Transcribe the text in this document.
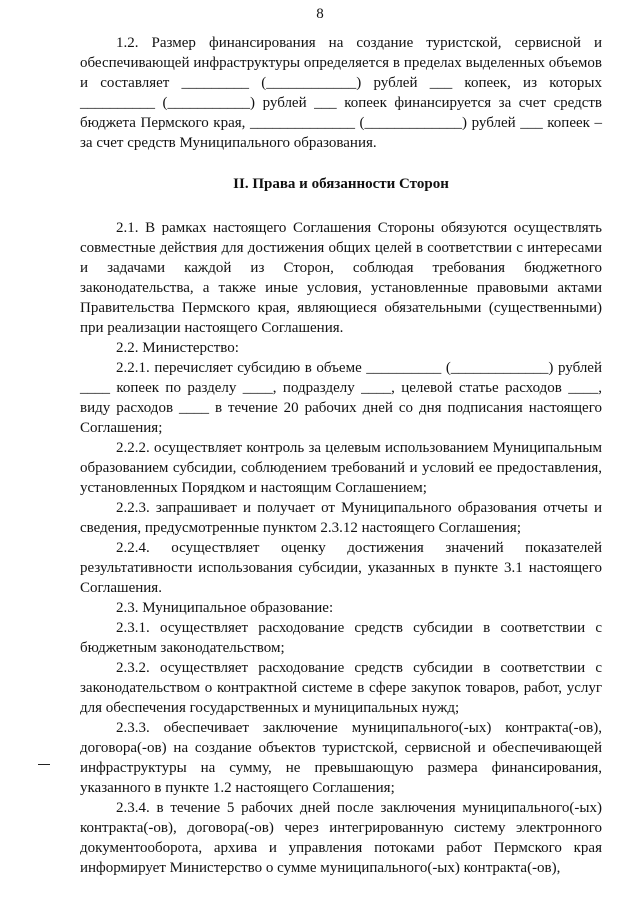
8

1.2. Размер финансирования на создание туристской, сервисной и обеспечивающей инфраструктуры определяется в пределах выделенных объемов и составляет _________ (____________) рублей ___ копеек, из которых __________ (___________) рублей ___ копеек финансируется за счет средств бюджета Пермского края, ______________ (_____________) рублей ___ копеек – за счет средств Муниципального образования.

II. Права и обязанности Сторон

2.1. В рамках настоящего Соглашения Стороны обязуются осуществлять совместные действия для достижения общих целей в соответствии с интересами и задачами каждой из Сторон, соблюдая требования бюджетного законодательства, а также иные условия, установленные правовыми актами Правительства Пермского края, являющиеся обязательными (существенными) при реализации настоящего Соглашения.

2.2. Министерство:

2.2.1. перечисляет субсидию в объеме __________ (_____________) рублей ____ копеек по разделу ____, подразделу ____, целевой статье расходов ____, виду расходов ____ в течение 20 рабочих дней со дня подписания настоящего Соглашения;

2.2.2. осуществляет контроль за целевым использованием Муниципальным образованием субсидии, соблюдением требований и условий ее предоставления, установленных Порядком и настоящим Соглашением;

2.2.3. запрашивает и получает от Муниципального образования отчеты и сведения, предусмотренные пунктом 2.3.12 настоящего Соглашения;

2.2.4. осуществляет оценку достижения значений показателей результативности использования субсидии, указанных в пункте 3.1 настоящего Соглашения.

2.3. Муниципальное образование:

2.3.1. осуществляет расходование средств субсидии в соответствии с бюджетным законодательством;

2.3.2. осуществляет расходование средств субсидии в соответствии с законодательством о контрактной системе в сфере закупок товаров, работ, услуг для обеспечения государственных и муниципальных нужд;

2.3.3. обеспечивает заключение муниципального(-ых) контракта(-ов), договора(-ов) на создание объектов туристской, сервисной и обеспечивающей инфраструктуры на сумму, не превышающую размера финансирования, указанного в пункте 1.2 настоящего Соглашения;

2.3.4. в течение 5 рабочих дней после заключения муниципального(-ых) контракта(-ов), договора(-ов) через интегрированную систему электронного документооборота, архива и управления потоками работ Пермского края информирует Министерство о сумме муниципального(-ых) контракта(-ов),
